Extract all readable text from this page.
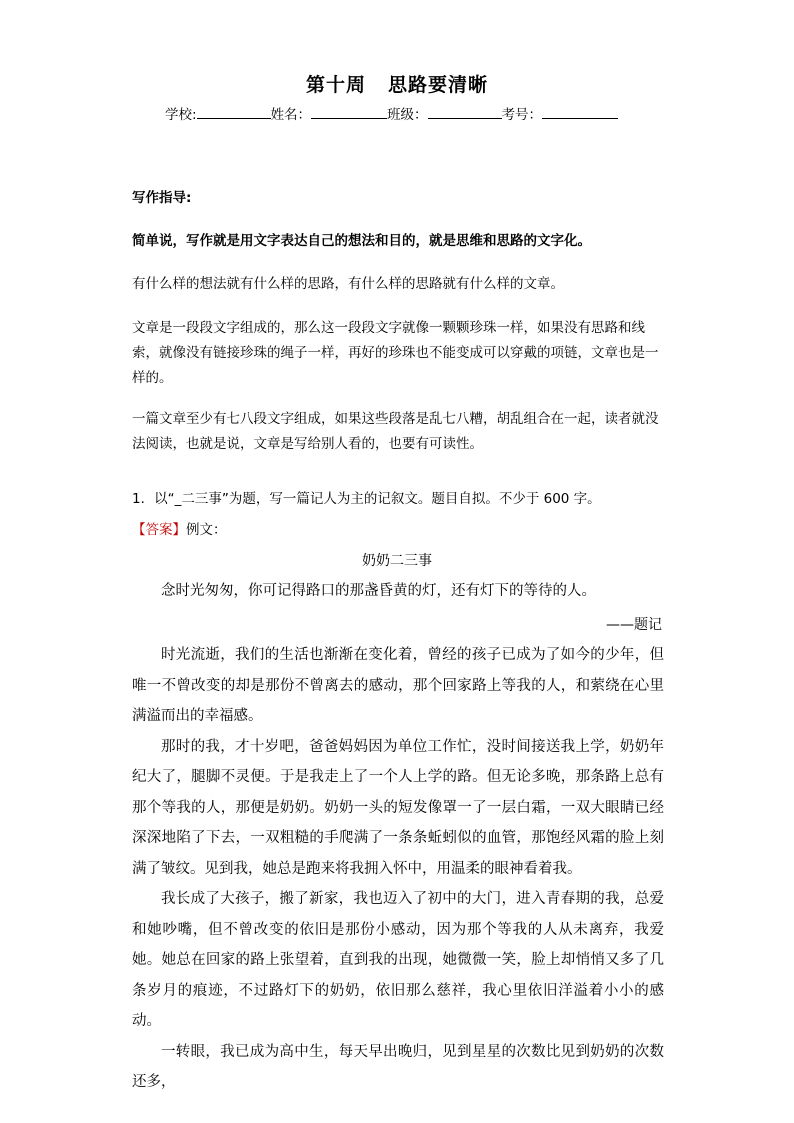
第十周 思路要清晰
学校:	姓名：	班级：	考号：
写作指导:
简单说，写作就是用文字表达自己的想法和目的，就是思维和思路的文字化。
有什么样的想法就有什么样的思路，有什么样的思路就有什么样的文章。
文章是一段段文字组成的，那么这一段段文字就像一颗颗珍珠一样，如果没有思路和线索，就像没有链接珍珠的绳子一样，再好的珍珠也不能变成可以穿戴的项链，文章也是一样的。
一篇文章至少有七八段文字组成，如果这些段落是乱七八糟，胡乱组合在一起，读者就没法阅读，也就是说，文章是写给别人看的，也要有可读性。
1．以“_二三事”为题，写一篇记人为主的记叙文。题目自拟。不少于 600 字。
【答案】例文：
奶奶二三事
念时光匆匆，你可记得路口的那盏昏黄的灯，还有灯下的等待的人。
——题记

时光流逝，我们的生活也渐渐在变化着，曾经的孩子已成为了如今的少年，但唯一不曾改变的却是那份不曾离去的感动，那个回家路上等我的人，和萦绕在心里满溢而出的幸福感。

那时的我，才十岁吧，爸爸妈妈因为单位工作忙，没时间接送我上学，奶奶年纪大了，腿脚不灵便。于是我走上了一个人上学的路。但无论多晚，那条路上总有那个等我的人，那便是奶奶。奶奶一头的短发像罩一了一层白霜，一双大眼睛已经深深地陷了下去，一双粗糙的手爬满了一条条蚯蚓似的血管，那饱经风霜的脸上刻满了皱纹。见到我，她总是跑来将我拥入怀中，用温柔的眼神看着我。

我长成了大孩子，搬了新家，我也迈入了初中的大门，进入青春期的我，总爱和她吵嘴，但不曾改变的依旧是那份小感动，因为那个等我的人从未离弃，我爱她。她总在回家的路上张望着，直到我的出现，她微微一笑，脸上却悄悄又多了几条岁月的痕迹，不过路灯下的奶奶，依旧那么慈祥，我心里依旧洋溢着小小的感动。

一转眼，我已成为高中生，每天早出晚归，见到星星的次数比见到奶奶的次数还多，
